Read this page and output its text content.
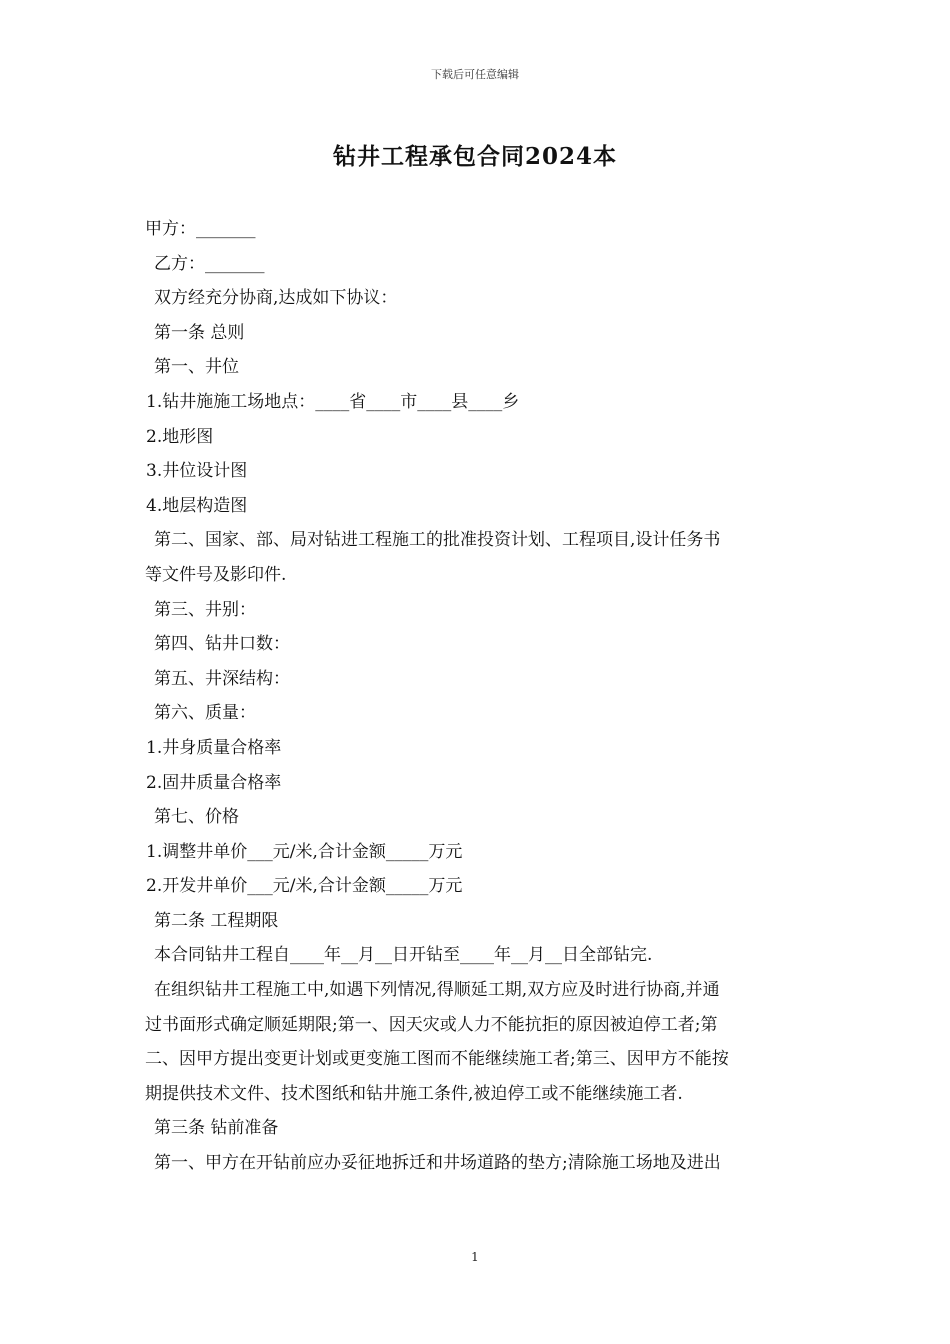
下载后可任意编辑
钻井工程承包合同2024本
甲方：_______
乙方：_______
双方经充分协商,达成如下协议：
第一条 总则
第一、井位
1.钻井施施工场地点：____省____市____县____乡
2.地形图
3.井位设计图
4.地层构造图
第二、国家、部、局对钻进工程施工的批准投资计划、工程项目,设计任务书
等文件号及影印件.
第三、井别：
第四、钻井口数：
第五、井深结构：
第六、质量：
1.井身质量合格率
2.固井质量合格率
第七、价格
1.调整井单价___元/米,合计金额_____万元
2.开发井单价___元/米,合计金额_____万元
第二条 工程期限
本合同钻井工程自____年__月__日开钻至____年__月__日全部钻完.
在组织钻井工程施工中,如遇下列情况,得顺延工期,双方应及时进行协商,并通
过书面形式确定顺延期限;第一、因天灾或人力不能抗拒的原因被迫停工者;第
二、因甲方提出变更计划或更变施工图而不能继续施工者;第三、因甲方不能按
期提供技术文件、技术图纸和钻井施工条件,被迫停工或不能继续施工者.
第三条 钻前准备
第一、甲方在开钻前应办妥征地拆迁和井场道路的垫方;清除施工场地及进出
1
